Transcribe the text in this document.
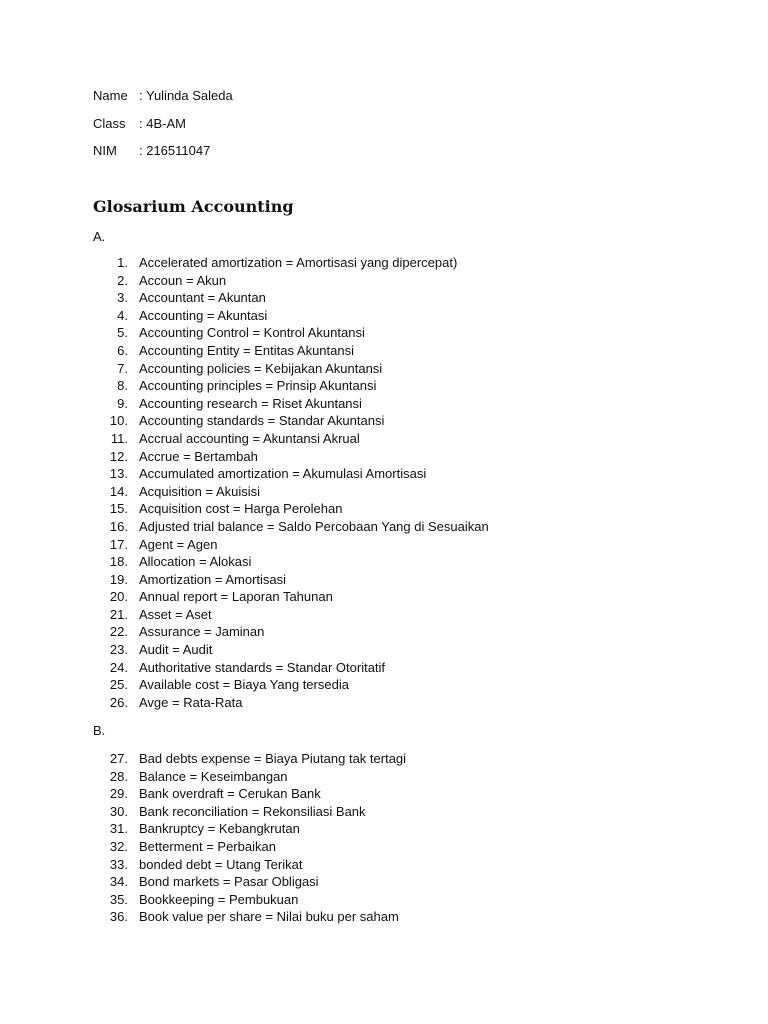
Name : Yulinda Saleda
Class : 4B-AM
NIM : 216511047
Glosarium Accounting
A.
1. Accelerated amortization = Amortisasi yang dipercepat)
2. Accoun = Akun
3. Accountant = Akuntan
4. Accounting = Akuntasi
5. Accounting Control = Kontrol Akuntansi
6. Accounting Entity = Entitas Akuntansi
7. Accounting policies = Kebijakan Akuntansi
8. Accounting principles = Prinsip Akuntansi
9. Accounting research = Riset Akuntansi
10. Accounting standards = Standar Akuntansi
11. Accrual accounting = Akuntansi Akrual
12. Accrue = Bertambah
13. Accumulated amortization = Akumulasi Amortisasi
14. Acquisition = Akuisisi
15. Acquisition cost = Harga Perolehan
16. Adjusted trial balance = Saldo Percobaan Yang di Sesuaikan
17. Agent = Agen
18. Allocation = Alokasi
19. Amortization = Amortisasi
20. Annual report = Laporan Tahunan
21. Asset = Aset
22. Assurance = Jaminan
23. Audit = Audit
24. Authoritative standards = Standar Otoritatif
25. Available cost = Biaya Yang tersedia
26. Avge = Rata-Rata
B.
27. Bad debts expense = Biaya Piutang tak tertagi
28. Balance = Keseimbangan
29. Bank overdraft = Cerukan Bank
30. Bank reconciliation = Rekonsiliasi Bank
31. Bankruptcy = Kebangkrutan
32. Betterment = Perbaikan
33. bonded debt = Utang Terikat
34. Bond markets = Pasar Obligasi
35. Bookkeeping = Pembukuan
36. Book value per share = Nilai buku per saham
